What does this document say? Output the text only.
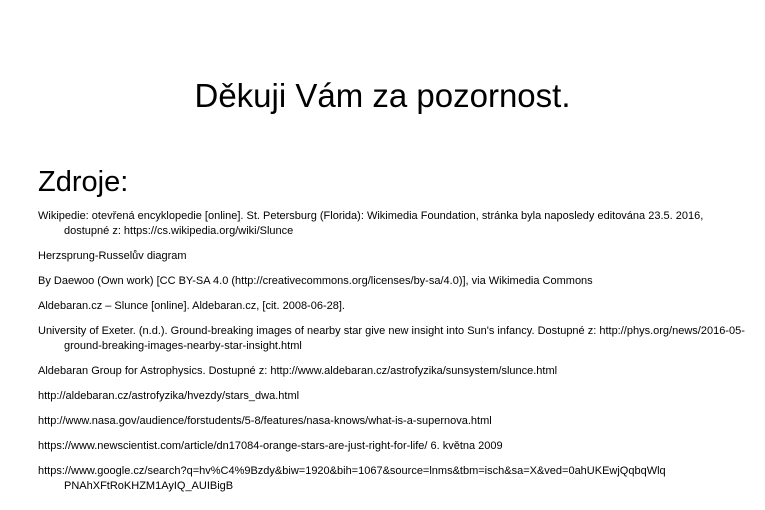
Děkuji Vám za pozornost.
Zdroje:
Wikipedie: otevřená encyklopedie [online]. St. Petersburg (Florida): Wikimedia Foundation, stránka byla naposledy editována 23.5. 2016, dostupné z: https://cs.wikipedia.org/wiki/Slunce
Herzsprung-Russelův diagram
By Daewoo (Own work) [CC BY-SA 4.0 (http://creativecommons.org/licenses/by-sa/4.0)], via Wikimedia Commons
Aldebaran.cz – Slunce [online]. Aldebaran.cz, [cit. 2008-06-28].
University of Exeter. (n.d.). Ground-breaking images of nearby star give new insight into Sun's infancy. Dostupné z: http://phys.org/news/2016-05-ground-breaking-images-nearby-star-insight.html
Aldebaran Group for Astrophysics. Dostupné z: http://www.aldebaran.cz/astrofyzika/sunsystem/slunce.html
http://aldebaran.cz/astrofyzika/hvezdy/stars_dwa.html
http://www.nasa.gov/audience/forstudents/5-8/features/nasa-knows/what-is-a-supernova.html
https://www.newscientist.com/article/dn17084-orange-stars-are-just-right-for-life/ 6. května 2009
https://www.google.cz/search?q=hv%C4%9Bzdy&biw=1920&bih=1067&source=lnms&tbm=isch&sa=X&ved=0ahUKEwjQqbqWlq PNAhXFtRoKHZM1AyIQ_AUIBigB
